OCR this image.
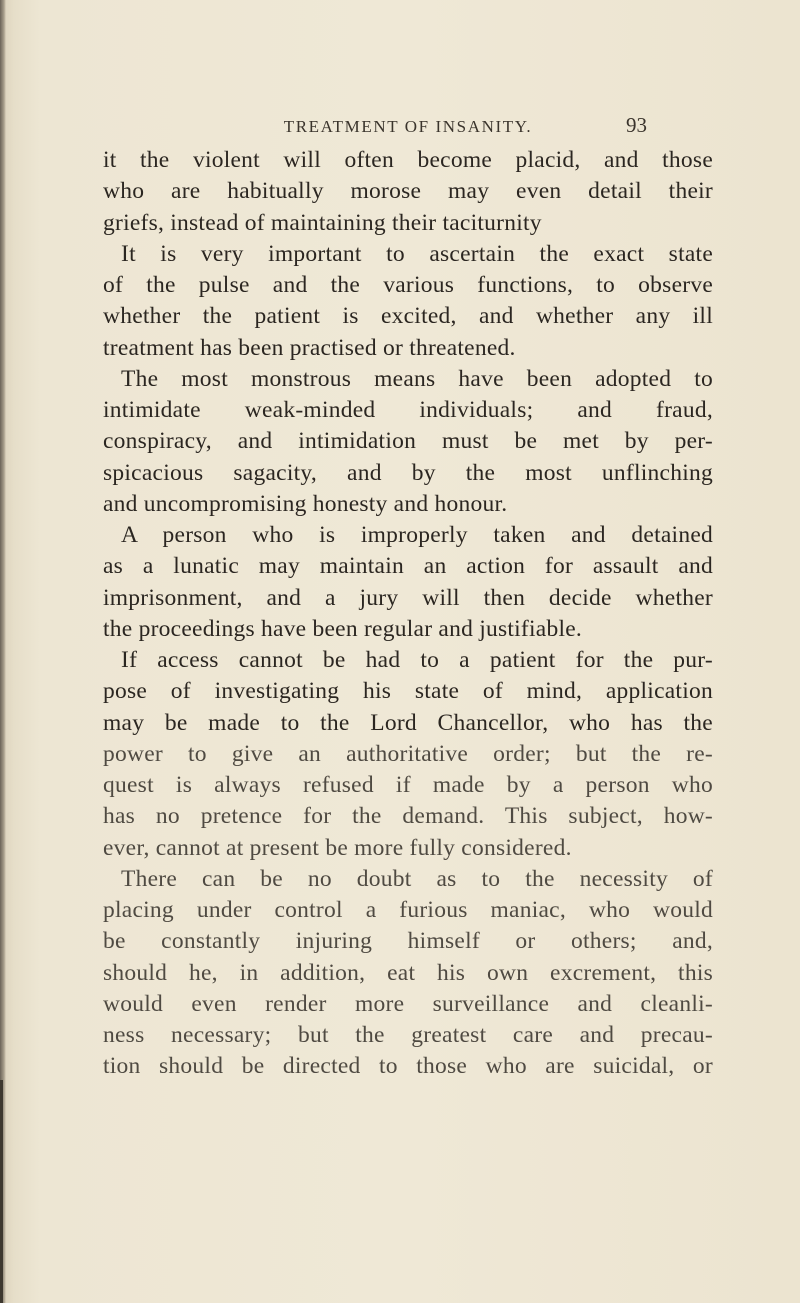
TREATMENT OF INSANITY.	93
it the violent will often become placid, and those
who are habitually morose may even detail their
griefs, instead of maintaining their taciturnity
It is very important to ascertain the exact state
of the pulse and the various functions, to observe
whether the patient is excited, and whether any ill
treatment has been practised or threatened.
The most monstrous means have been adopted to
intimidate weak-minded individuals; and fraud,
conspiracy, and intimidation must be met by per-
spicacious sagacity, and by the most unflinching
and uncompromising honesty and honour.
A person who is improperly taken and detained
as a lunatic may maintain an action for assault and
imprisonment, and a jury will then decide whether
the proceedings have been regular and justifiable.
If access cannot be had to a patient for the pur-
pose of investigating his state of mind, application
may be made to the Lord Chancellor, who has the
power to give an authoritative order; but the re-
quest is always refused if made by a person who
has no pretence for the demand. This subject, how-
ever, cannot at present be more fully considered.
There can be no doubt as to the necessity of
placing under control a furious maniac, who would
be constantly injuring himself or others; and,
should he, in addition, eat his own excrement, this
would even render more surveillance and cleanli-
ness necessary; but the greatest care and precau-
tion should be directed to those who are suicidal, or
